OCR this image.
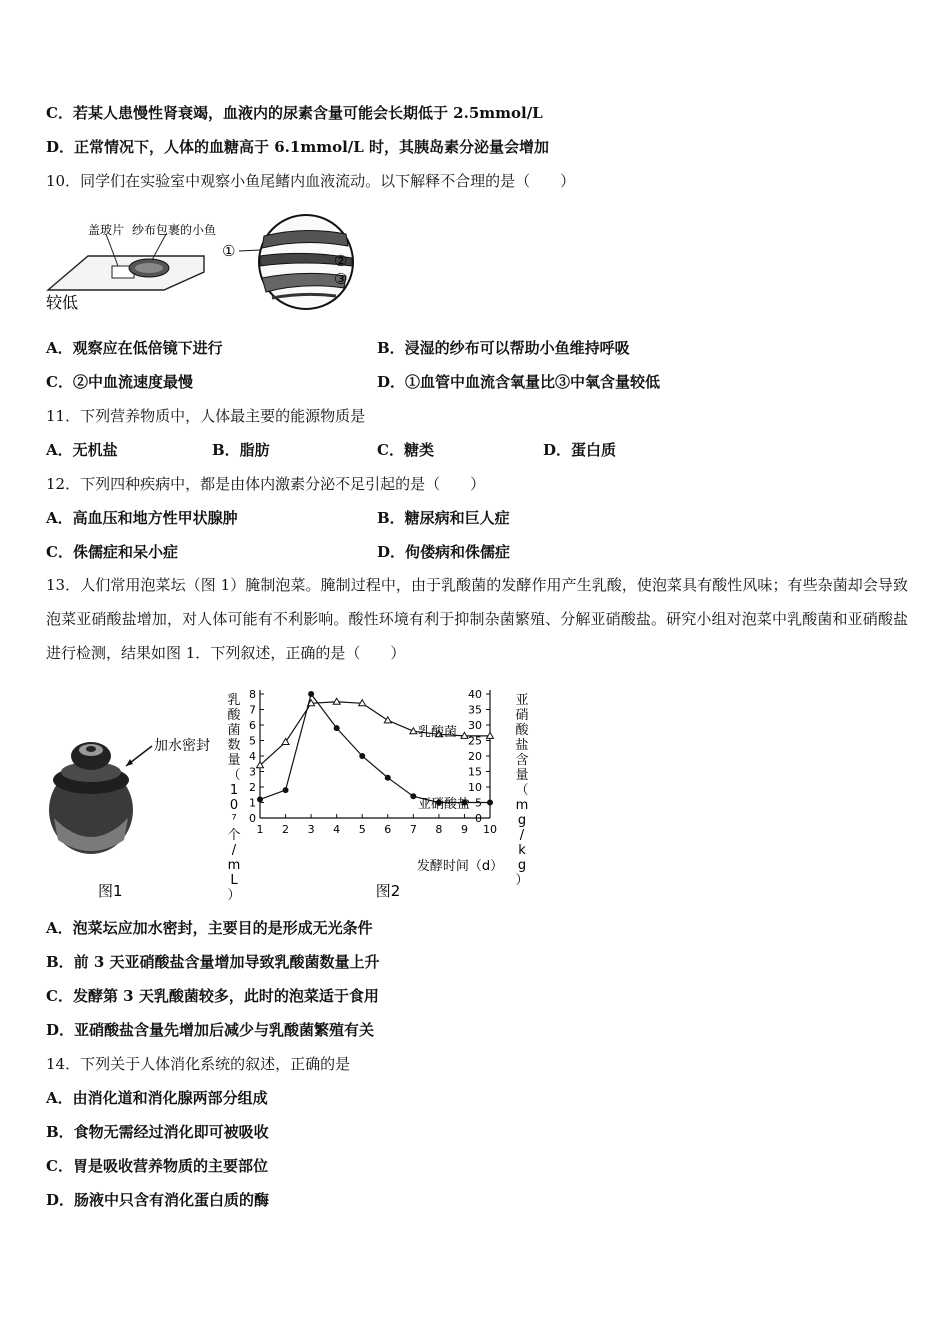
C．若某人患慢性肾衰竭，血液内的尿素含量可能会长期低于 2.5mmol/L
D．正常情况下，人体的血糖高于 6.1mmol/L 时，其胰岛素分泌量会增加
10．同学们在实验室中观察小鱼尾鳍内血液流动。以下解释不合理的是（　　）
盖玻片 纱布包裹的小鱼
较低
①
②
③
A．观察应在低倍镜下进行	B．浸湿的纱布可以帮助小鱼维持呼吸
C．②中血流速度最慢	D．①血管中血流含氧量比③中氧含量较低
11．下列营养物质中，人体最主要的能源物质是
A．无机盐	B．脂肪	C．糖类	D．蛋白质
12．下列四种疾病中，都是由体内激素分泌不足引起的是（　　）
A．高血压和地方性甲状腺肿	B．糖尿病和巨人症
C．侏儒症和呆小症	D．佝偻病和侏儒症
13．人们常用泡菜坛（图 1）腌制泡菜。腌制过程中，由于乳酸菌的发酵作用产生乳酸，使泡菜具有酸性风味；有些杂菌却会导致泡菜亚硝酸盐增加，对人体可能有不利影响。酸性环境有利于抑制杂菌繁殖、分解亚硝酸盐。研究小组对泡菜中乳酸菌和亚硝酸盐进行检测，结果如图 1．下列叙述，正确的是（　　）
加水密封
图1
0
1
2
3
4
5
6
7
8
0
5
10
15
20
25
30
35
40
1 2 3 4 5 6 7 8 9 10
乳酸菌数量（ 1 0 ⁷ 个/ m L ）
亚硝酸盐含量（ m g / k g ）
发酵时间（d）
图2
乳酸菌
亚硝酸盐
A．泡菜坛应加水密封，主要目的是形成无光条件
B．前 3 天亚硝酸盐含量增加导致乳酸菌数量上升
C．发酵第 3 天乳酸菌较多，此时的泡菜适于食用
D．亚硝酸盐含量先增加后减少与乳酸菌繁殖有关
14．下列关于人体消化系统的叙述，正确的是
A．由消化道和消化腺两部分组成
B．食物无需经过消化即可被吸收
C．胃是吸收营养物质的主要部位
D．肠液中只含有消化蛋白质的酶
